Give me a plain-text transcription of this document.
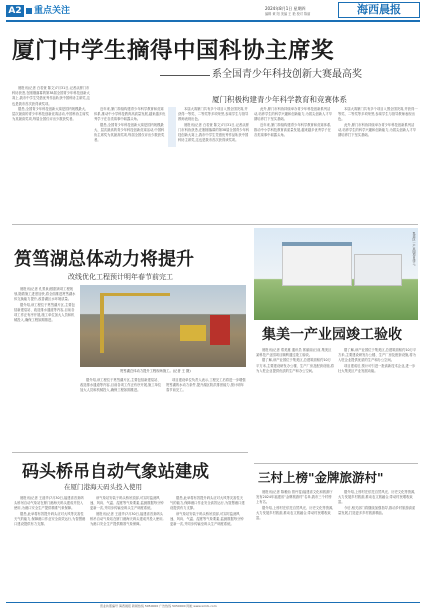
A2 重点关注	2024年8月1日 星期四
编辑 黄 阳 美编 王 艳 校对 陈丽	海西晨报
厦门中学生摘得中国科协主席奖
系全国青少年科技创新大赛最高奖
厦门积极构建青少年科学教育和竞赛体系

晨报讯(记者 白若萱 陈文)7月31日,记者从厦门市科协获悉,在刚刚落幕的第38届全国青少年科技创新大赛上,我市中学生凭借优秀作品斩获中国科协主席奖,这也是我市首次获得该奖项。

据悉,全国青少年科技创新大赛是国内规模最大、层次最高的青少年科技创新竞赛活动,中国科协主席奖为其最高奖项,每届全国仅评出少数获奖者。

近年来,厦门持续构建青少年科学教育和竞赛体系,推动中小学科技教育高质量发展,越来越多优秀学子在各类赛事中崭露头角。

据悉,全国青少年科技创新大赛是国内规模最大、层次最高的青少年科技创新竞赛活动,中国科协主席奖为其最高奖项,每届全国仅评出少数获奖者。

本届大赛厦门共有多个项目入围全国决赛,并获得一等奖、二等奖等多项荣誉,参赛学生与指导教师表现出色。

晨报讯(记者 白若萱 陈文)7月31日,记者从厦门市科协获悉,在刚刚落幕的第38届全国青少年科技创新大赛上,我市中学生凭借优秀作品斩获中国科协主席奖,这也是我市首次获得该奖项。

此外,厦门市科协持续举办青少年科技创新系列活动,培养学生的科学兴趣和创新能力,为拔尖创新人才早期培养打下坚实基础。

近年来,厦门持续构建青少年科学教育和竞赛体系,推动中小学科技教育高质量发展,越来越多优秀学子在各类赛事中崭露头角。

本届大赛厦门共有多个项目入围全国决赛,并获得一等奖、二等奖等多项荣誉,参赛学生与指导教师表现出色。

此外,厦门市科协持续举办青少年科技创新系列活动,培养学生的科学兴趣和创新能力,为拔尖创新人才早期培养打下坚实基础。

筼筜湖总体动力将提升
改线优化工程预计明年春节前完工
筼筜湖总体动力提升工程现场施工。(记者 王 摄)

晨报讯(记者 孔景泉)根据该项工程规划,随着施工进度加快,将全面推进筼筜湖水体交换能力提升,改善湖区水环境质量。

据介绍,该工程位于筼筜湖片区,主要包括新建泵站、改造排水通道等内容,目前各项工作正有序开展,施工单位加大人员和机械投入,确保工程如期推进。

据介绍,该工程位于筼筜湖片区,主要包括新建泵站、改造排水通道等内容,目前各项工作正有序开展,施工单位加大人员和机械投入,确保工程如期推进。

项目建设单位负责人表示,工程完工后将进一步增强筼筜湖的水动力条件,提升湖区防洪排涝能力,预计明年春节前完工。

码头桥吊自动气象站建成
在厦门港海天码头投入使用

晨报讯(记者 王道华)7月30日,福建省首套码头桥吊自动气象站在厦门港海天码头建成并投入使用,为港口安全生产提供精准气象保障。

据悉,此举将有效提升码头应对大风等灾害性天气的能力,保障港口作业安全高效运行,为智慧港口建设提供有力支撑。

该气象站安装于码头桥吊顶部,可实时监测风速、风向、气温、湿度等气象要素,监测数据每分钟更新一次,并同步传输至码头生产调度系统。

晨报讯(记者 王道华)7月30日,福建省首套码头桥吊自动气象站在厦门港海天码头建成并投入使用,为港口安全生产提供精准气象保障。

据悉,此举将有效提升码头应对大风等灾害性天气的能力,保障港口作业安全高效运行,为智慧港口建设提供有力支撑。

该气象站安装于码头桥吊顶部,可实时监测风速、风向、气温、湿度等气象要素,监测数据每分钟更新一次,并同步传输至码头生产调度系统。

集美区一产业园项目竣工。
集美一产业园竣工验收

晨报讯(记者 郑美惠 通讯员 郭丽丽)日前,集美区某科技产业园项目顺利通过竣工验收。

据了解,该产业园位于集美区,总建筑面积约10万平方米,主要建设研发办公楼、生产厂房及配套设施,将为入驻企业提供优质的生产和办公空间。

据了解,该产业园位于集美区,总建筑面积约10万平方米,主要建设研发办公楼、生产厂房及配套设施,将为入驻企业提供优质的生产和办公空间。

项目建成后,预计可引进一批高新技术企业,进一步壮大集美区产业发展动能。

三村上榜"金牌旅游村"

晨报讯(记者 陈雅仙 曾丹雯)福建省文化和旅游厅发布2024年福建省“金牌旅游村”名单,我市三个村榜上有名。

据介绍,上榜村庄依托自然风光、历史文化等资源,大力发展乡村旅游,推动农文旅融合,带动村民增收致富。

据介绍,上榜村庄依托自然风光、历史文化等资源,大力发展乡村旅游,推动农文旅融合,带动村民增收致富。

今后,相关部门将继续加强指导,推动乡村旅游高质量发展,打造更多乡村旅游精品。

营业执照编号 海西晨报 新闻热线 5050000 广告热线 5050000 网址 www.xmrb.com
